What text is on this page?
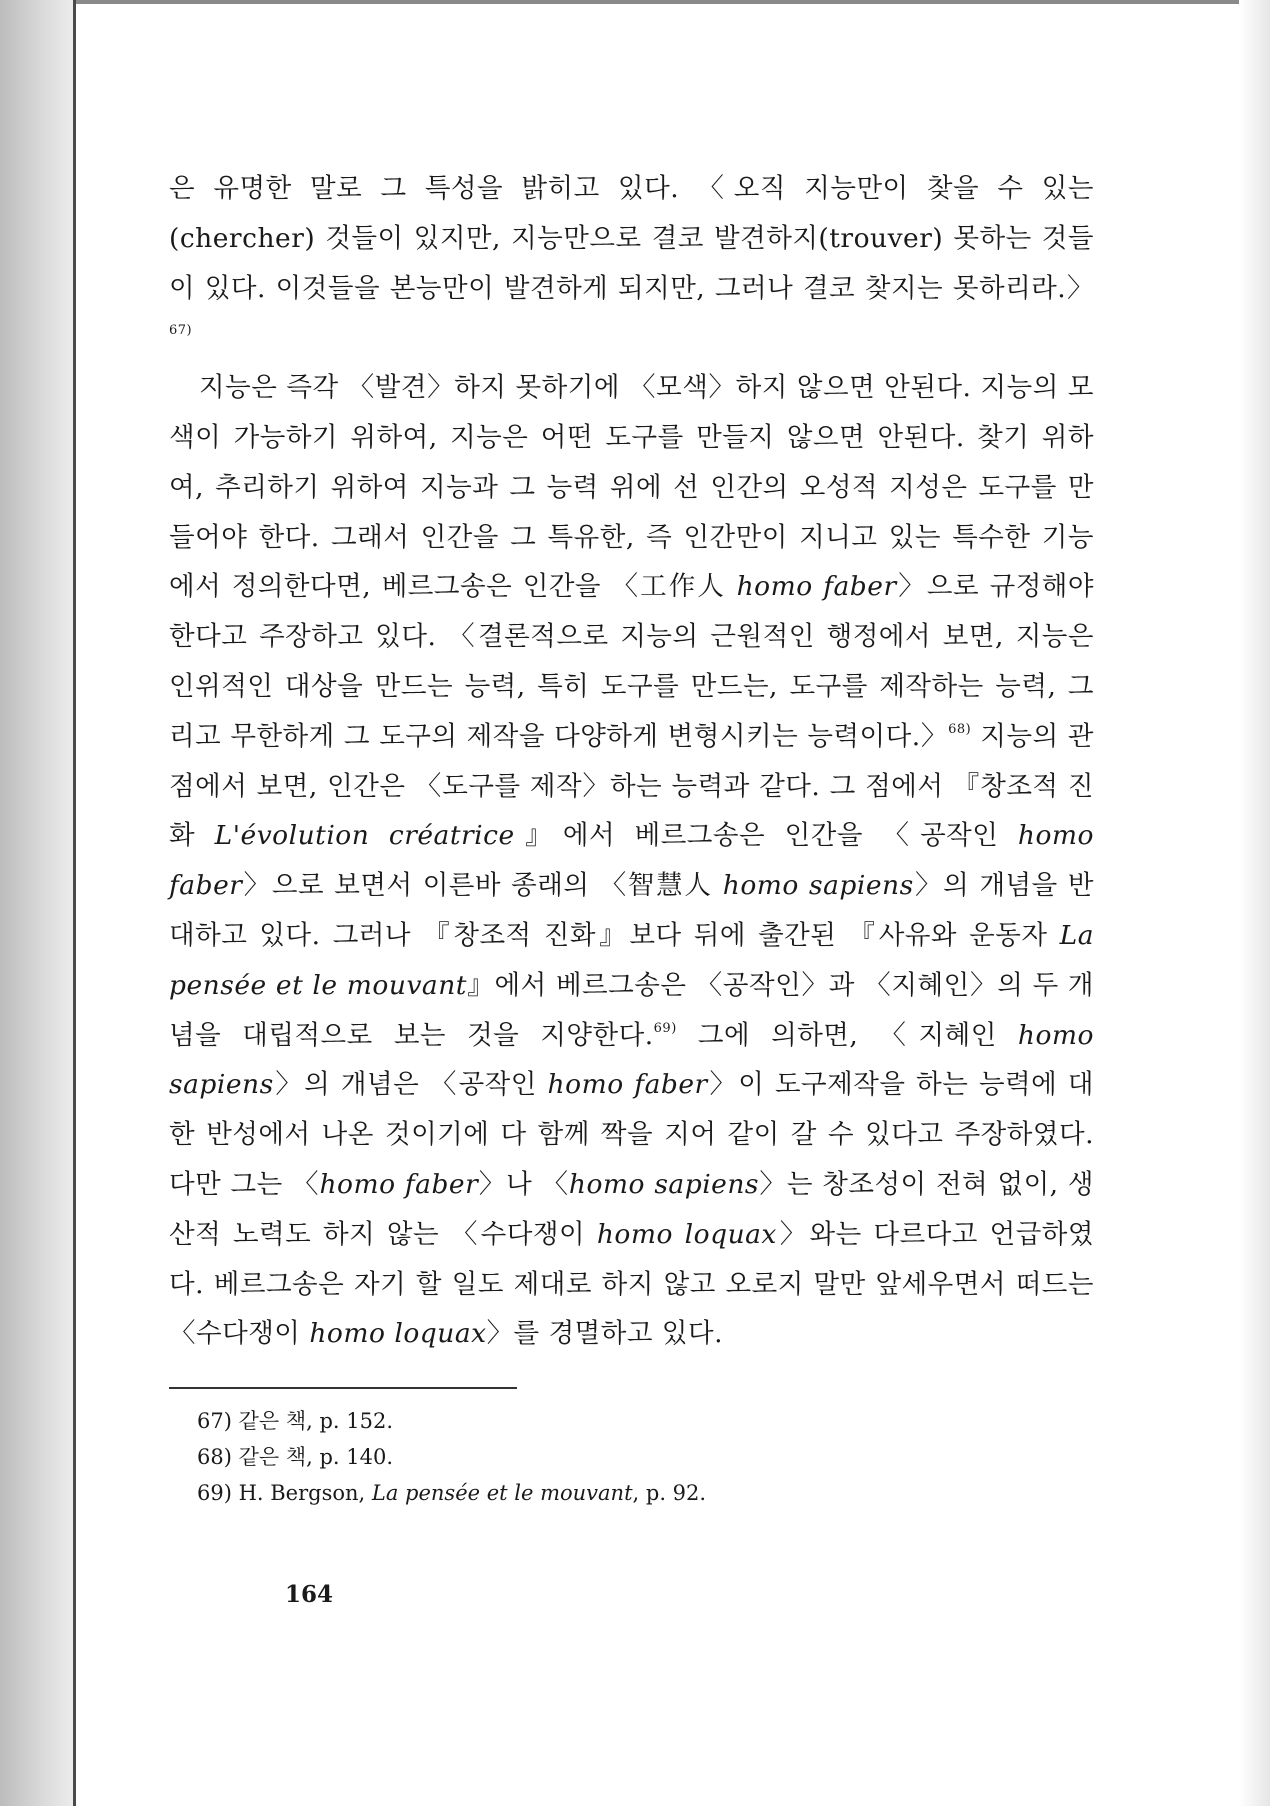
은 유명한 말로 그 특성을 밝히고 있다. 〈오직 지능만이 찾을 수 있는 (chercher) 것들이 있지만, 지능만으로 결코 발견하지(trouver) 못하는 것들이 있다. 이것들을 본능만이 발견하게 되지만, 그러나 결코 찾지는 못하리라.〉$^{67)}$

지능은 즉각 〈발견〉하지 못하기에 〈모색〉하지 않으면 안된다. 지능의 모색이 가능하기 위하여, 지능은 어떤 도구를 만들지 않으면 안된다. 찾기 위하여, 추리하기 위하여 지능과 그 능력 위에 선 인간의 오성적 지성은 도구를 만들어야 한다. 그래서 인간을 그 특유한, 즉 인간만이 지니고 있는 특수한 기능에서 정의한다면, 베르그송은 인간을 〈工作人 homo faber〉으로 규정해야 한다고 주장하고 있다. 〈결론적으로 지능의 근원적인 행정에서 보면, 지능은 인위적인 대상을 만드는 능력, 특히 도구를 만드는, 도구를 제작하는 능력, 그리고 무한하게 그 도구의 제작을 다양하게 변형시키는 능력이다.〉$^{68)}$ 지능의 관점에서 보면, 인간은 〈도구를 제작〉하는 능력과 같다. 그 점에서 『창조적 진화 L'évolution créatrice』에서 베르그송은 인간을 〈공작인 homo faber〉으로 보면서 이른바 종래의 〈智慧人 homo sapiens〉의 개념을 반대하고 있다. 그러나 『창조적 진화』보다 뒤에 출간된 『사유와 운동자 La pensée et le mouvant』에서 베르그송은 〈공작인〉과 〈지혜인〉의 두 개념을 대립적으로 보는 것을 지양한다.$^{69)}$ 그에 의하면, 〈지혜인 homo sapiens〉의 개념은 〈공작인 homo faber〉이 도구제작을 하는 능력에 대한 반성에서 나온 것이기에 다 함께 짝을 지어 같이 갈 수 있다고 주장하였다. 다만 그는 〈homo faber〉나 〈homo sapiens〉는 창조성이 전혀 없이, 생산적 노력도 하지 않는 〈수다쟁이 homo loquax〉와는 다르다고 언급하였다. 베르그송은 자기 할 일도 제대로 하지 않고 오로지 말만 앞세우면서 떠드는 〈수다쟁이 homo loquax〉를 경멸하고 있다.

67) 같은 책, p. 152.

68) 같은 책, p. 140.

69) H. Bergson, La pensée et le mouvant, p. 92.

164
